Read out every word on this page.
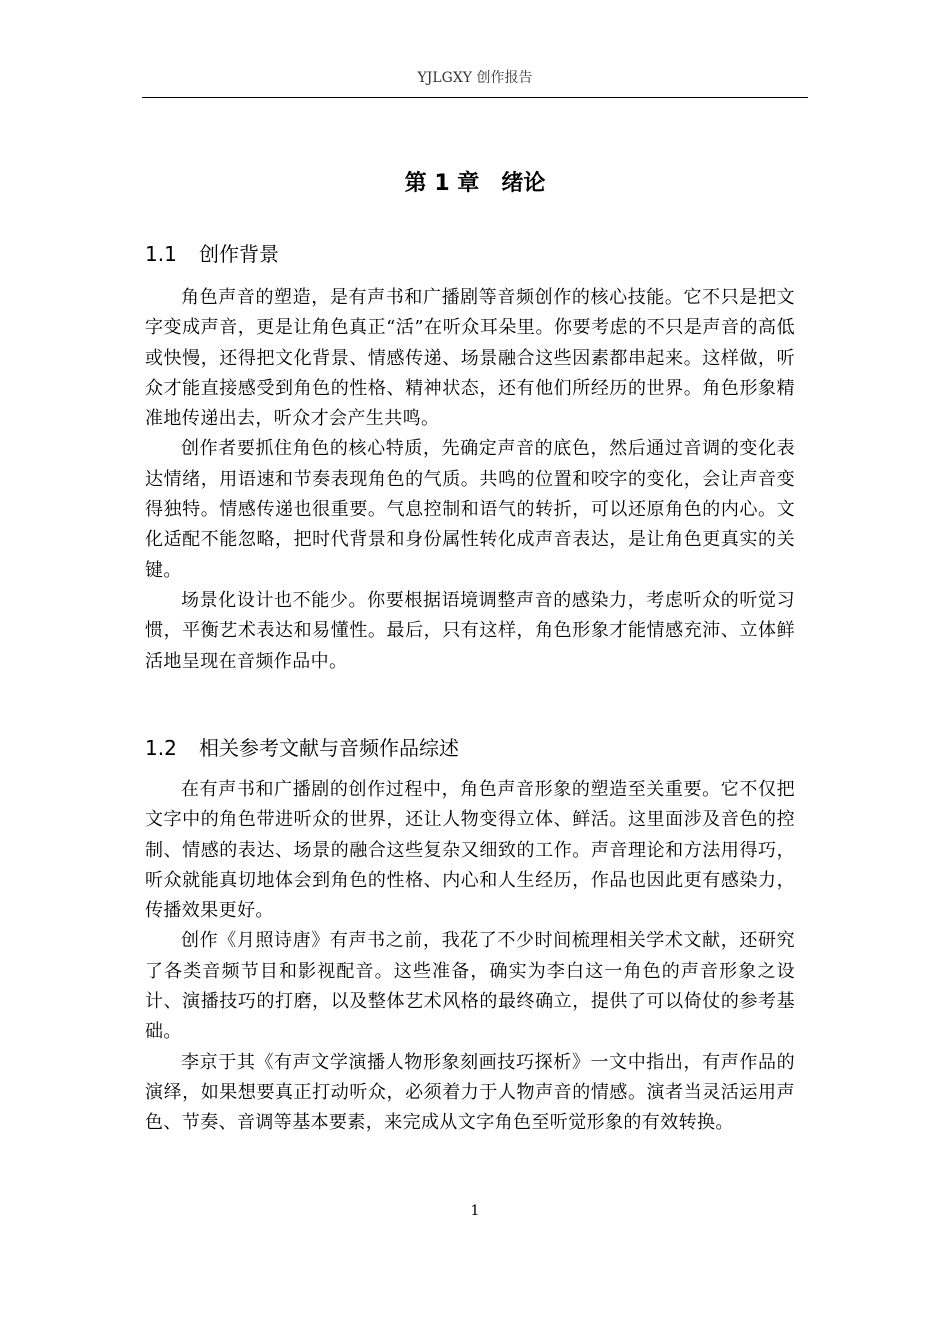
YJLGXY 创作报告
第 1 章 绪论
1.1 创作背景

角色声音的塑造，是有声书和广播剧等音频创作的核心技能。它不只是把文字变成声音，更是让角色真正“活”在听众耳朵里。你要考虑的不只是声音的高低或快慢，还得把文化背景、情感传递、场景融合这些因素都串起来。这样做，听众才能直接感受到角色的性格、精神状态，还有他们所经历的世界。角色形象精准地传递出去，听众才会产生共鸣。

创作者要抓住角色的核心特质，先确定声音的底色，然后通过音调的变化表达情绪，用语速和节奏表现角色的气质。共鸣的位置和咬字的变化，会让声音变得独特。情感传递也很重要。气息控制和语气的转折，可以还原角色的内心。文化适配不能忽略，把时代背景和身份属性转化成声音表达，是让角色更真实的关键。

场景化设计也不能少。你要根据语境调整声音的感染力，考虑听众的听觉习惯，平衡艺术表达和易懂性。最后，只有这样，角色形象才能情感充沛、立体鲜活地呈现在音频作品中。

1.2 相关参考文献与音频作品综述

在有声书和广播剧的创作过程中，角色声音形象的塑造至关重要。它不仅把文字中的角色带进听众的世界，还让人物变得立体、鲜活。这里面涉及音色的控制、情感的表达、场景的融合这些复杂又细致的工作。声音理论和方法用得巧，听众就能真切地体会到角色的性格、内心和人生经历，作品也因此更有感染力，传播效果更好。

创作《月照诗唐》有声书之前，我花了不少时间梳理相关学术文献，还研究了各类音频节目和影视配音。这些准备，确实为李白这一角色的声音形象之设计、演播技巧的打磨，以及整体艺术风格的最终确立，提供了可以倚仗的参考基础。

李京于其《有声文学演播人物形象刻画技巧探析》一文中指出，有声作品的演绎，如果想要真正打动听众，必须着力于人物声音的情感。演者当灵活运用声色、节奏、音调等基本要素，来完成从文字角色至听觉形象的有效转换。

1
